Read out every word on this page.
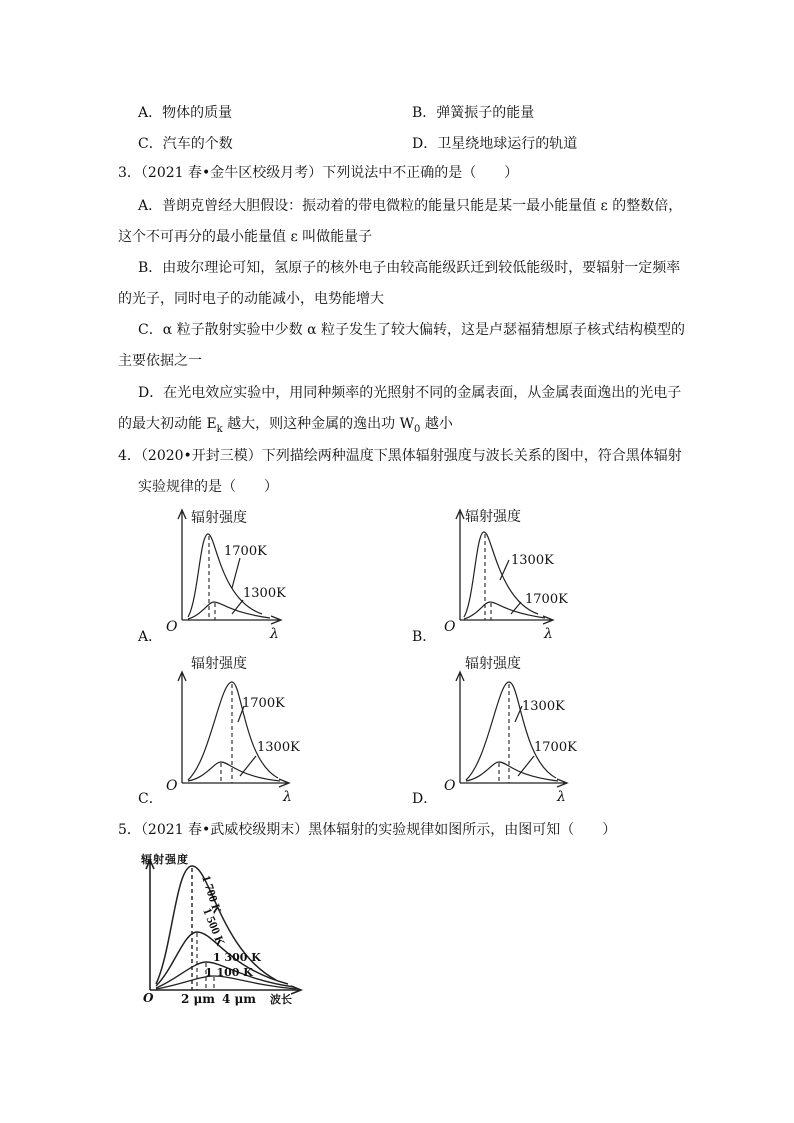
A．物体的质量	B．弹簧振子的能量
C．汽车的个数	D．卫星绕地球运行的轨道
3．（2021 春•金牛区校级月考）下列说法中不正确的是（　　）
A．普朗克曾经大胆假设：振动着的带电微粒的能量只能是某一最小能量值 ε 的整数倍，
这个不可再分的最小能量值 ε 叫做能量子
B．由玻尔理论可知，氢原子的核外电子由较高能级跃迁到较低能级时，要辐射一定频率
的光子，同时电子的动能减小，电势能增大
C．α 粒子散射实验中少数 α 粒子发生了较大偏转，这是卢瑟福猜想原子核式结构模型的
主要依据之一
D．在光电效应实验中，用同种频率的光照射不同的金属表面，从金属表面逸出的光电子
的最大初动能 $E_k$ 越大，则这种金属的逸出功 $W_0$ 越小
4．（2020•开封三模）下列描绘两种温度下黑体辐射强度与波长关系的图中，符合黑体辐射
实验规律的是（　　）
辐射强度
1700K
1300K
O	λ
A．
辐射强度
1300K
1700K
O	λ
B．
辐射强度
1700K
1300K
O
λ
C．
辐射强度
1300K
1700K
O
λ
D．
5．（2021 春•武威校级期末）黑体辐射的实验规律如图所示，由图可知（　　）
1 700 K
1 500 K
辐射强度
1 300 K
1 100 K
O 2 μm 4 μm 波长
